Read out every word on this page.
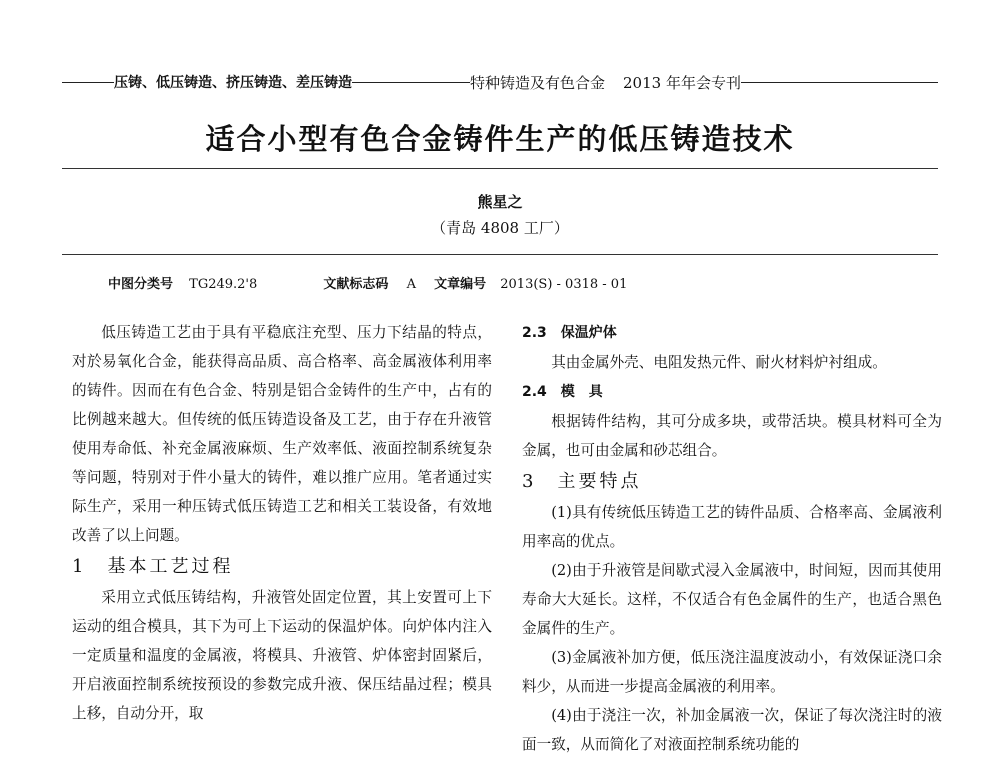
压铸、低压铸造、挤压铸造、差压铸造	特种铸造及有色合金 2013 年年会专刊
适合小型有色合金铸件生产的低压铸造技术
熊星之
（青岛 4808 工厂）
中图分类号 TG249.2'8	文献标志码 A 文章编号 2013(S) - 0318 - 01

低压铸造工艺由于具有平稳底注充型、压力下结晶的特点，对於易氧化合金，能获得高品质、高合格率、高金属液体利用率的铸件。因而在有色合金、特别是铝合金铸件的生产中，占有的比例越来越大。但传统的低压铸造设备及工艺，由于存在升液管使用寿命低、补充金属液麻烦、生产效率低、液面控制系统复杂等问题，特别对于件小量大的铸件，难以推广应用。笔者通过实际生产，采用一种压铸式低压铸造工艺和相关工装设备，有效地改善了以上问题。

1　基本工艺过程

采用立式低压铸结构，升液管处固定位置，其上安置可上下运动的组合模具，其下为可上下运动的保温炉体。向炉体内注入一定质量和温度的金属液，将模具、升液管、炉体密封固紧后，开启液面控制系统按预设的参数完成升液、保压结晶过程；模具上移，自动分开，取

2.3　保温炉体

其由金属外壳、电阻发热元件、耐火材料炉衬组成。

2.4　模　具

根据铸件结构，其可分成多块，或带活块。模具材料可全为金属，也可由金属和砂芯组合。

3　主要特点

(1)具有传统低压铸造工艺的铸件品质、合格率高、金属液利用率高的优点。

(2)由于升液管是间歇式浸入金属液中，时间短，因而其使用寿命大大延长。这样，不仅适合有色金属件的生产，也适合黑色金属件的生产。

(3)金属液补加方便，低压浇注温度波动小，有效保证浇口余料少，从而进一步提高金属液的利用率。

(4)由于浇注一次，补加金属液一次，保证了每次浇注时的液面一致，从而简化了对液面控制系统功能的
